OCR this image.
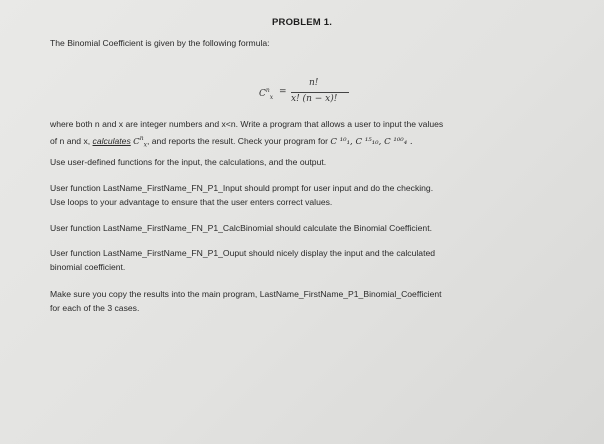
PROBLEM 1.
The Binomial Coefficient is given by the following formula:
$C^n_x$
=
n!
x! (n − x)!
where both n and x are integer numbers and x<n. Write a program that allows a user to input the values
of n and x, calculates $C^n_x$, and reports the result. Check your program for C ¹⁰₁, C ¹⁵₁₀, C ¹⁰⁰₄ .
Use user-defined functions for the input, the calculations, and the output.
User function LastName_FirstName_FN_P1_Input should prompt for user input and do the checking.
Use loops to your advantage to ensure that the user enters correct values.
User function LastName_FirstName_FN_P1_CalcBinomial should calculate the Binomial Coefficient.
User function LastName_FirstName_FN_P1_Ouput should nicely display the input and the calculated
binomial coefficient.
Make sure you copy the results into the main program, LastName_FirstName_P1_Binomial_Coefficient
for each of the 3 cases.
